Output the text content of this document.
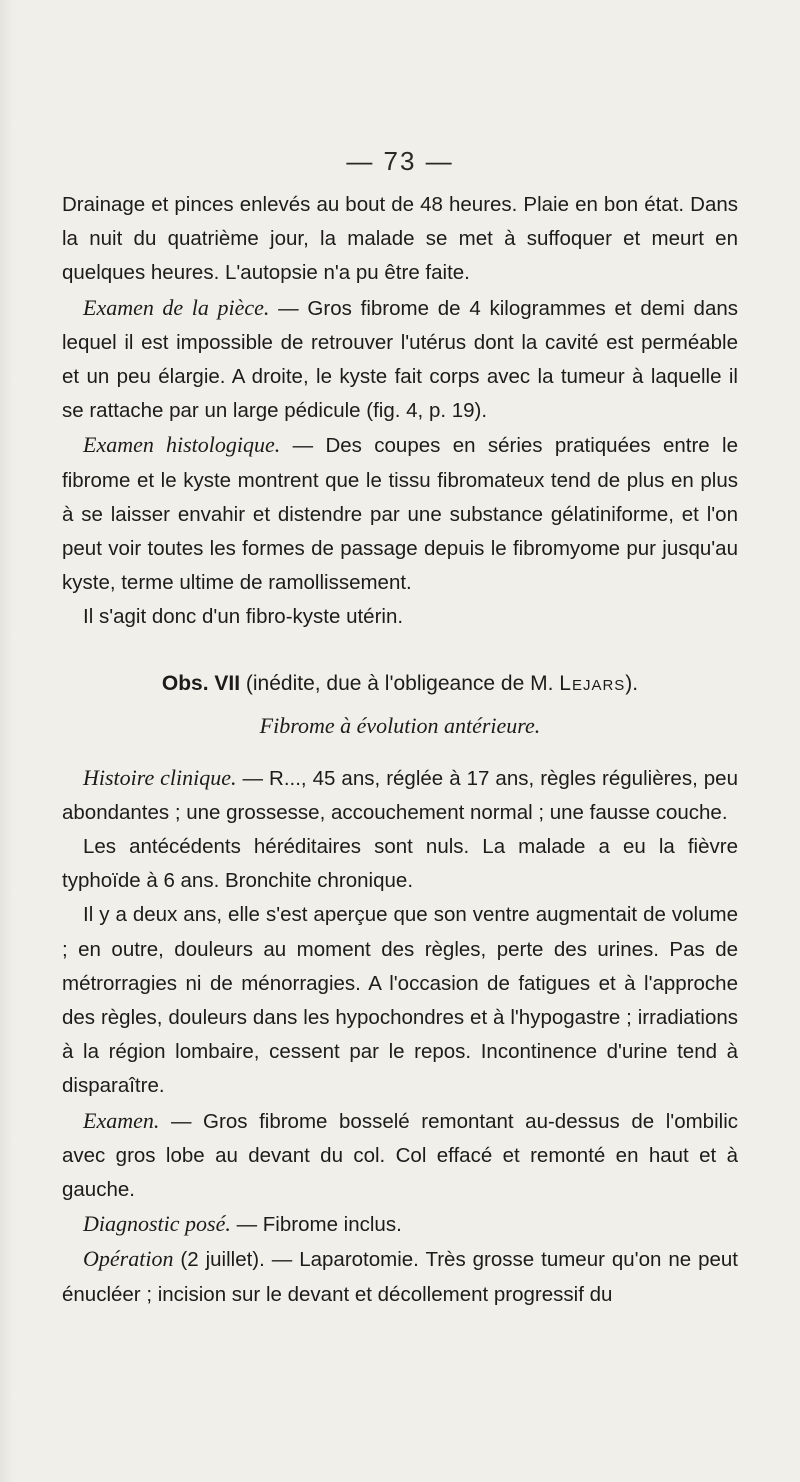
— 73 —

Drainage et pinces enlevés au bout de 48 heures. Plaie en bon état. Dans la nuit du quatrième jour, la malade se met à suffoquer et meurt en quelques heures. L'autopsie n'a pu être faite.

Examen de la pièce. — Gros fibrome de 4 kilogrammes et demi dans lequel il est impossible de retrouver l'utérus dont la cavité est perméable et un peu élargie. A droite, le kyste fait corps avec la tumeur à laquelle il se rattache par un large pédicule (fig. 4, p. 19).

Examen histologique. — Des coupes en séries pratiquées entre le fibrome et le kyste montrent que le tissu fibromateux tend de plus en plus à se laisser envahir et distendre par une substance gélatiniforme, et l'on peut voir toutes les formes de passage depuis le fibromyome pur jusqu'au kyste, terme ultime de ramollissement.

Il s'agit donc d'un fibro-kyste utérin.

Obs. VII (inédite, due à l'obligeance de M. Lejars).
Fibrome à évolution antérieure.

Histoire clinique. — R..., 45 ans, réglée à 17 ans, règles régulières, peu abondantes ; une grossesse, accouchement normal ; une fausse couche.

Les antécédents héréditaires sont nuls. La malade a eu la fièvre typhoïde à 6 ans. Bronchite chronique.

Il y a deux ans, elle s'est aperçue que son ventre augmentait de volume ; en outre, douleurs au moment des règles, perte des urines. Pas de métrorragies ni de ménorragies. A l'occasion de fatigues et à l'approche des règles, douleurs dans les hypochondres et à l'hypogastre ; irradiations à la région lombaire, cessent par le repos. Incontinence d'urine tend à disparaître.

Examen. — Gros fibrome bosselé remontant au-dessus de l'ombilic avec gros lobe au devant du col. Col effacé et remonté en haut et à gauche.

Diagnostic posé. — Fibrome inclus.

Opération (2 juillet). — Laparotomie. Très grosse tumeur qu'on ne peut énucléer ; incision sur le devant et décollement progressif du
